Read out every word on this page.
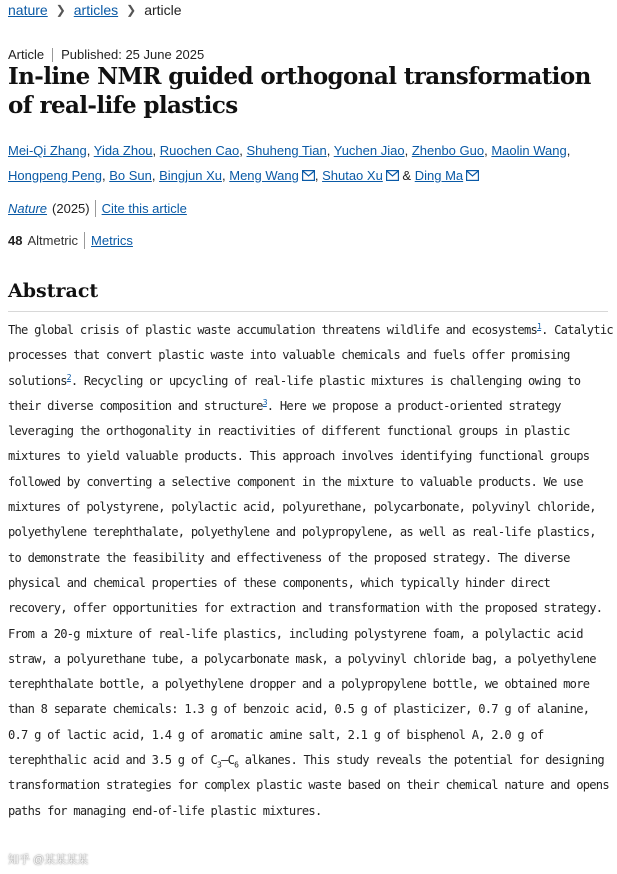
nature ❯ articles ❯ article
Article Published: 25 June 2025
In-line NMR guided orthogonal transformation of real-life plastics
Mei-Qi Zhang, Yida Zhou, Ruochen Cao, Shuheng Tian, Yuchen Jiao, Zhenbo Guo, Maolin Wang,
Hongpeng Peng, Bo Sun, Bingjun Xu, Meng Wang , Shutao Xu & Ding Ma
Nature (2025) Cite this article
48 Altmetric Metrics
Abstract
The global crisis of plastic waste accumulation threatens wildlife and ecosystems$^1$. Catalytic processes that convert plastic waste into valuable chemicals and fuels offer promising solutions$^2$. Recycling or upcycling of real-life plastic mixtures is challenging owing to their diverse composition and structure$^3$. Here we propose a product-oriented strategy leveraging the orthogonality in reactivities of different functional groups in plastic mixtures to yield valuable products. This approach involves identifying functional groups followed by converting a selective component in the mixture to valuable products. We use mixtures of polystyrene, polylactic acid, polyurethane, polycarbonate, polyvinyl chloride, polyethylene terephthalate, polyethylene and polypropylene, as well as real-life plastics, to demonstrate the feasibility and effectiveness of the proposed strategy. The diverse physical and chemical properties of these components, which typically hinder direct recovery, offer opportunities for extraction and transformation with the proposed strategy. From a 20-g mixture of real-life plastics, including polystyrene foam, a polylactic acid straw, a polyurethane tube, a polycarbonate mask, a polyvinyl chloride bag, a polyethylene terephthalate bottle, a polyethylene dropper and a polypropylene bottle, we obtained more than 8 separate chemicals: 1.3 g of benzoic acid, 0.5 g of plasticizer, 0.7 g of alanine, 0.7 g of lactic acid, 1.4 g of aromatic amine salt, 2.1 g of bisphenol A, 2.0 g of terephthalic acid and 3.5 g of $C_3-C_6$ alkanes. This study reveals the potential for designing transformation strategies for complex plastic waste based on their chemical nature and opens paths for managing end-of-life plastic mixtures.
知乎 @某某某某
